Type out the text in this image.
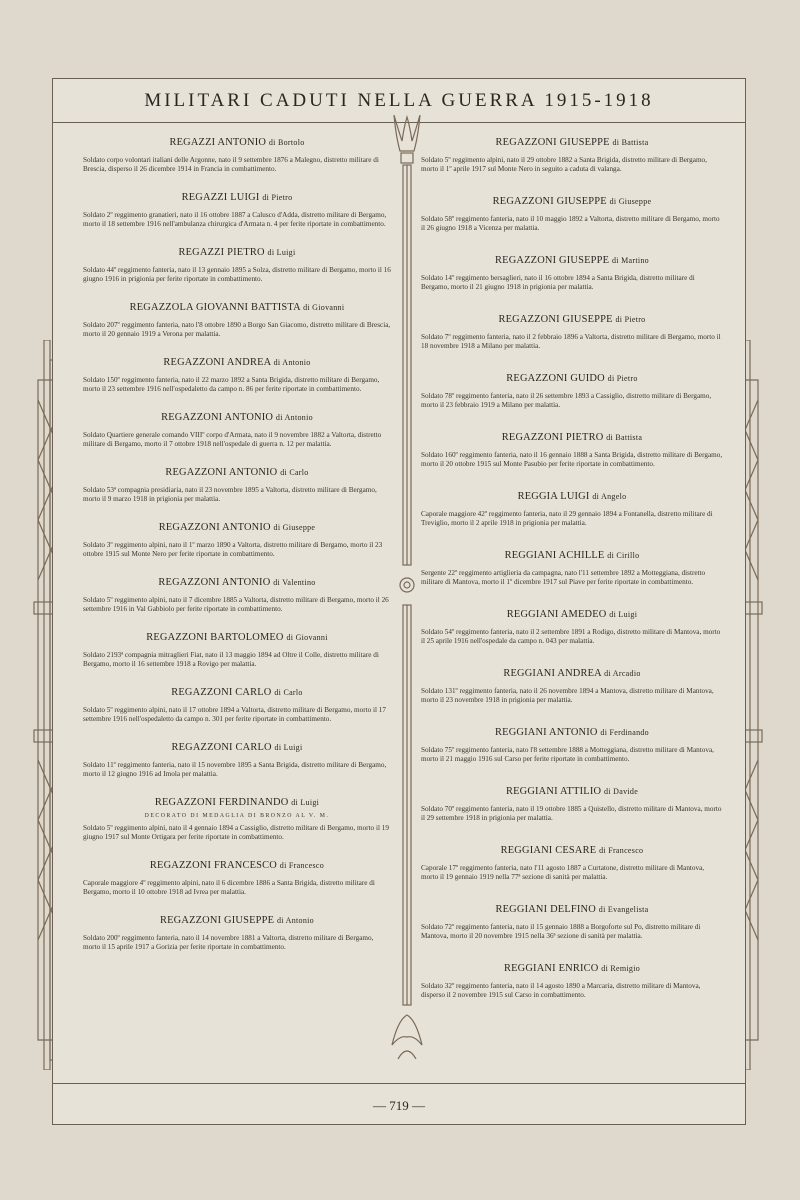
MILITARI CADUTI NELLA GUERRA 1915-1918
REGAZZI ANTONIO di Bortolo
Soldato corpo volontari italiani delle Argonne, nato il 9 settembre 1876 a Malegno, distretto militare di Brescia, disperso il 26 dicembre 1914 in Francia in combattimento.
REGAZZI LUIGI di Pietro
Soldato 2º reggimento granatieri, nato il 16 ottobre 1887 a Calusco d'Adda, distretto militare di Bergamo, morto il 18 settembre 1916 nell'ambulanza chirurgica d'Armata n. 4 per ferite riportate in combattimento.
REGAZZI PIETRO di Luigi
Soldato 44º reggimento fanteria, nato il 13 gennaio 1895 a Solza, distretto militare di Bergamo, morto il 16 giugno 1916 in prigionia per ferite riportate in combattimento.
REGAZZOLA GIOVANNI BATTISTA di Giovanni
Soldato 207º reggimento fanteria, nato l'8 ottobre 1890 a Borgo San Giacomo, distretto militare di Brescia, morto il 20 gennaio 1919 a Verona per malattia.
REGAZZONI ANDREA di Antonio
Soldato 150º reggimento fanteria, nato il 22 marzo 1892 a Santa Brigida, distretto militare di Bergamo, morto il 23 settembre 1916 nell'ospedaletto da campo n. 86 per ferite riportate in combattimento.
REGAZZONI ANTONIO di Antonio
Soldato Quartiere generale comando VIIIº corpo d'Armata, nato il 9 novembre 1882 a Valtorta, distretto militare di Bergamo, morto il 7 ottobre 1918 nell'ospedale di guerra n. 12 per malattia.
REGAZZONI ANTONIO di Carlo
Soldato 53ª compagnia presidiaria, nato il 23 novembre 1895 a Valtorta, distretto militare di Bergamo, morto il 9 marzo 1918 in prigionia per malattia.
REGAZZONI ANTONIO di Giuseppe
Soldato 3º reggimento alpini, nato il 1º marzo 1890 a Valtorta, distretto militare di Bergamo, morto il 23 ottobre 1915 sul Monte Nero per ferite riportate in combattimento.
REGAZZONI ANTONIO di Valentino
Soldato 5º reggimento alpini, nato il 7 dicembre 1885 a Valtorta, distretto militare di Bergamo, morto il 26 settembre 1916 in Val Gabbiolo per ferite riportate in combattimento.
REGAZZONI BARTOLOMEO di Giovanni
Soldato 2193ª compagnia mitraglieri Fiat, nato il 13 maggio 1894 ad Oltre il Colle, distretto militare di Bergamo, morto il 16 settembre 1918 a Rovigo per malattia.
REGAZZONI CARLO di Carlo
Soldato 5º reggimento alpini, nato il 17 ottobre 1894 a Valtorta, distretto militare di Bergamo, morto il 17 settembre 1916 nell'ospedaletto da campo n. 301 per ferite riportate in combattimento.
REGAZZONI CARLO di Luigi
Soldato 11º reggimento fanteria, nato il 15 novembre 1895 a Santa Brigida, distretto militare di Bergamo, morto il 12 giugno 1916 ad Imola per malattia.
REGAZZONI FERDINANDO di Luigi
DECORATO DI MEDAGLIA DI BRONZO AL V. M.
Soldato 5º reggimento alpini, nato il 4 gennaio 1894 a Cassiglio, distretto militare di Bergamo, morto il 19 giugno 1917 sul Monte Ortigara per ferite riportate in combattimento.
REGAZZONI FRANCESCO di Francesco
Caporale maggiore 4º reggimento alpini, nato il 6 dicembre 1886 a Santa Brigida, distretto militare di Bergamo, morto il 10 ottobre 1918 ad Ivrea per malattia.
REGAZZONI GIUSEPPE di Antonio
Soldato 200º reggimento fanteria, nato il 14 novembre 1881 a Valtorta, distretto militare di Bergamo, morto il 15 aprile 1917 a Gorizia per ferite riportate in combattimento.
REGAZZONI GIUSEPPE di Battista
Soldato 5º reggimento alpini, nato il 29 ottobre 1882 a Santa Brigida, distretto militare di Bergamo, morto il 1º aprile 1917 sul Monte Nero in seguito a caduta di valanga.
REGAZZONI GIUSEPPE di Giuseppe
Soldato 58º reggimento fanteria, nato il 10 maggio 1892 a Valtorta, distretto militare di Bergamo, morto il 26 giugno 1918 a Vicenza per malattia.
REGAZZONI GIUSEPPE di Martino
Soldato 14º reggimento bersaglieri, nato il 16 ottobre 1894 a Santa Brigida, distretto militare di Bergamo, morto il 21 giugno 1918 in prigionia per malattia.
REGAZZONI GIUSEPPE di Pietro
Soldato 7º reggimento fanteria, nato il 2 febbraio 1896 a Valtorta, distretto militare di Bergamo, morto il 18 novembre 1918 a Milano per malattia.
REGAZZONI GUIDO di Pietro
Soldato 78º reggimento fanteria, nato il 26 settembre 1893 a Cassiglio, distretto militare di Bergamo, morto il 23 febbraio 1919 a Milano per malattia.
REGAZZONI PIETRO di Battista
Soldato 160º reggimento fanteria, nato il 16 gennaio 1888 a Santa Brigida, distretto militare di Bergamo, morto il 20 ottobre 1915 sul Monte Pasubio per ferite riportate in combattimento.
REGGIA LUIGI di Angelo
Caporale maggiore 42º reggimento fanteria, nato il 29 gennaio 1894 a Fontanella, distretto militare di Treviglio, morto il 2 aprile 1918 in prigionia per malattia.
REGGIANI ACHILLE di Cirillo
Sergente 22º reggimento artiglieria da campagna, nato l'11 settembre 1892 a Motteggiana, distretto militare di Mantova, morto il 1º dicembre 1917 sul Piave per ferite riportate in combattimento.
REGGIANI AMEDEO di Luigi
Soldato 54º reggimento fanteria, nato il 2 settembre 1891 a Rodigo, distretto militare di Mantova, morto il 25 aprile 1916 nell'ospedale da campo n. 043 per malattia.
REGGIANI ANDREA di Arcadio
Soldato 131º reggimento fanteria, nato il 26 novembre 1894 a Mantova, distretto militare di Mantova, morto il 23 novembre 1918 in prigionia per malattia.
REGGIANI ANTONIO di Ferdinando
Soldato 75º reggimento fanteria, nato l'8 settembre 1888 a Motteggiana, distretto militare di Mantova, morto il 21 maggio 1916 sul Carso per ferite riportate in combattimento.
REGGIANI ATTILIO di Davide
Soldato 70º reggimento fanteria, nato il 19 ottobre 1885 a Quistello, distretto militare di Mantova, morto il 29 settembre 1918 in prigionia per malattia.
REGGIANI CESARE di Francesco
Caporale 17º reggimento fanteria, nato l'11 agosto 1887 a Curtatone, distretto militare di Mantova, morto il 19 gennaio 1919 nella 77ª sezione di sanità per malattia.
REGGIANI DELFINO di Evangelista
Soldato 72º reggimento fanteria, nato il 15 gennaio 1888 a Borgoforte sul Po, distretto militare di Mantova, morto il 20 novembre 1915 nella 36ª sezione di sanità per malattia.
REGGIANI ENRICO di Remigio
Soldato 32º reggimento fanteria, nato il 14 agosto 1890 a Marcaria, distretto militare di Mantova, disperso il 2 novembre 1915 sul Carso in combattimento.
— 719 —
